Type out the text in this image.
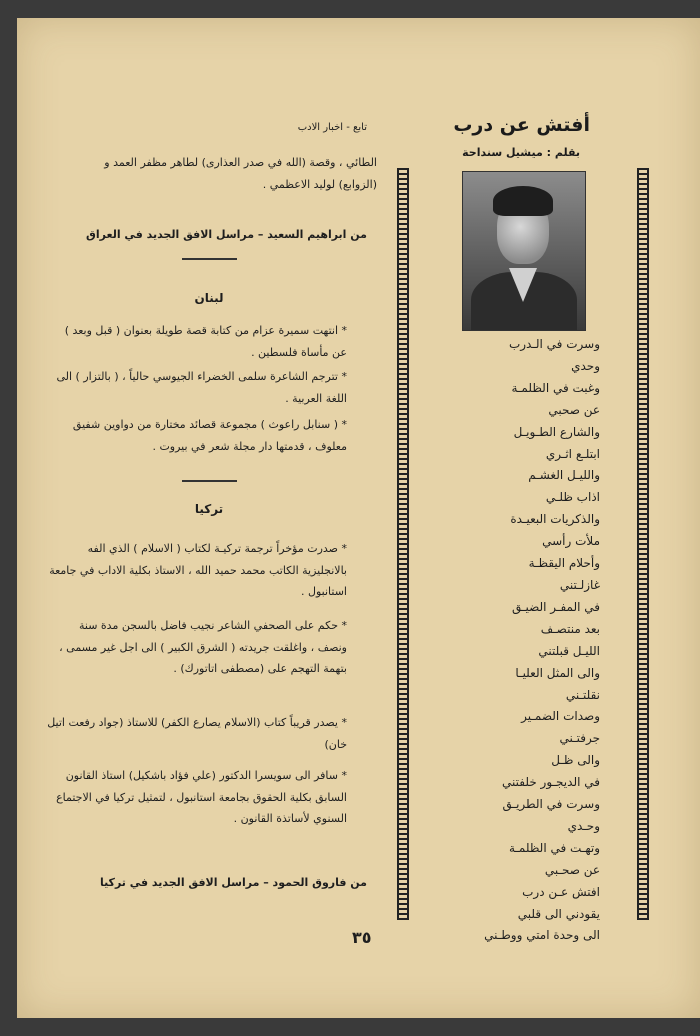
أفتش عن درب
بقلم : ميشيل سنداحة
وسرت في الـدرب
وحدي
وغبت في الظلمـة
عن صحبي
والشارع الطـويـل
ابتلـع اثـري
والليـل الغشـم
اذاب ظلـي
والذكريات البعيـدة
ملأت رأسي
وأحلام اليقظـة
غازلـتني
في المفـر الضيـق
بعد منتصـف
الليـل قبلتني
والى المثل العليـا
نقلتـني
وصدات الضمـير
جرفتـني
والى ظـل
في الديجـور خلفتني
وسرت في الطريـق
وحـدي
وتهـت في الظلمـة
عن صحـبي
افتش عـن درب
يقودني الى قلبي
الى وحدة امتي ووطـني
تابع - اخبار الادب
الطائي ، وقصة (الله في صدر العذارى) لطاهر مظفر العمد و (الزوابع) لوليد الاعظمي .
من ابراهيم السعيد – مراسل الافق الجديد في العراق
لبنان
* انتهت سميرة عزام من كتابة قصة طويلة بعنوان ( قبل وبعد ) عن مأساة فلسطين .
* تترجم الشاعرة سلمى الخضراء الجيوسي حالياً ، ( بالتزار ) الى اللغة العربية .
* ( سنابل راعوث ) مجموعة قصائد مختارة من دواوين شفيق معلوف ، قدمتها دار مجلة شعر في بيروت .
تركيا
* صدرت مؤخراً ترجمة تركيـة لكتاب ( الاسلام ) الذي الفه بالانجليزية الكاتب محمد حميد الله ، الاستاذ بكلية الاداب في جامعة استانبول .
* حكم على الصحفي الشاعر نجيب فاضل بالسجن مدة سنة ونصف ، واغلقت جريدته ( الشرق الكبير ) الى اجل غير مسمى ، بتهمة التهجم على (مصطفى اتاتورك) .
* يصدر قريباً كتاب (الاسلام يصارع الكفر) للاستاذ (جواد رفعت اتيل خان)
* سافر الى سويسرا الدكتور (علي فؤاد باشكيل) استاذ القانون السابق بكلية الحقوق بجامعة استانبول ، لتمثيل تركيا في الاجتماع السنوي لأساتذة القانون .
من فاروق الحمود – مراسل الافق الجديد في تركيا
٣٥
